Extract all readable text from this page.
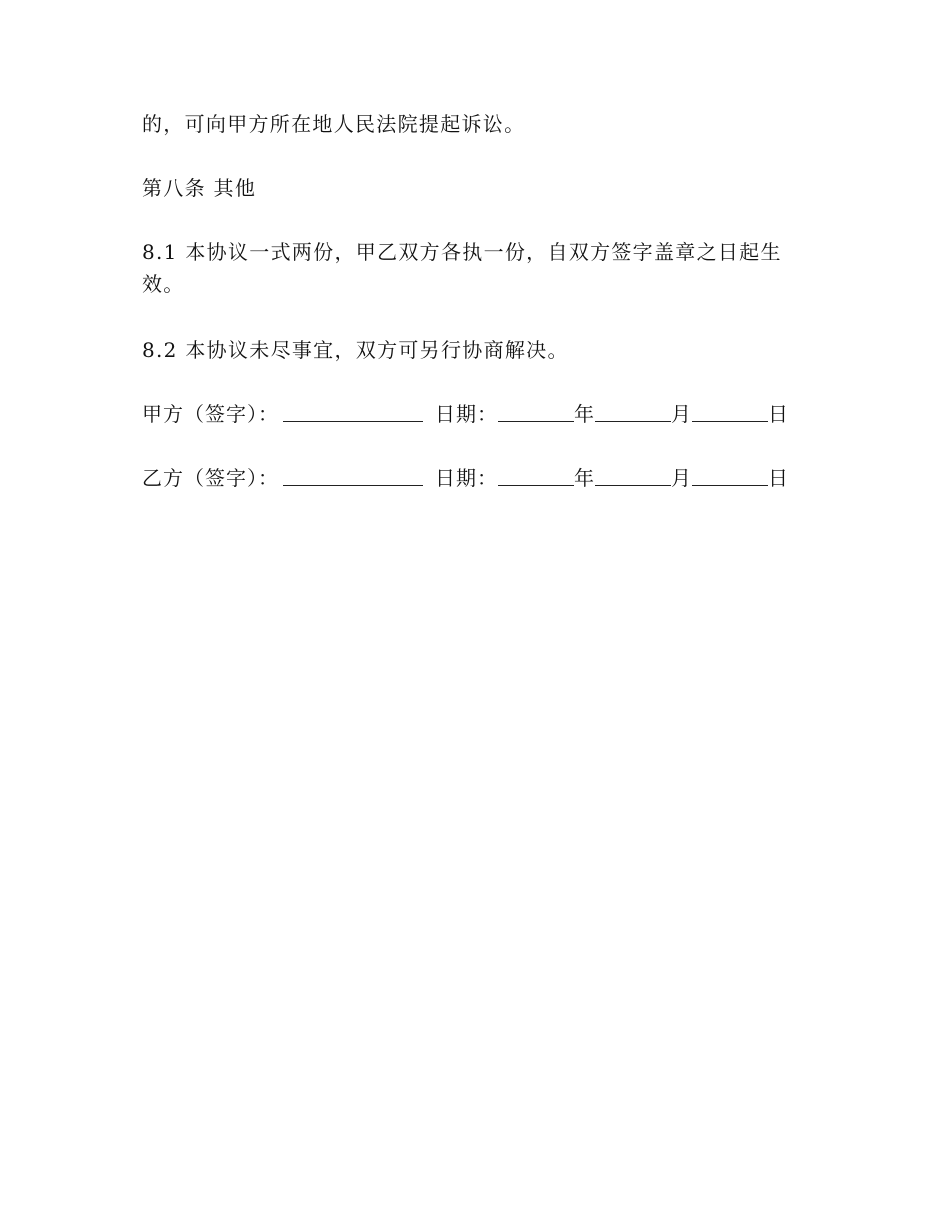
的，可向甲方所在地人民法院提起诉讼。
第八条 其他
8.1 本协议一式两份，甲乙双方各执一份，自双方签字盖章之日起生效。
8.2 本协议未尽事宜，双方可另行协商解决。
甲方（签字）：	日期：	年	月	日
乙方（签字）：	日期：	年	月	日
